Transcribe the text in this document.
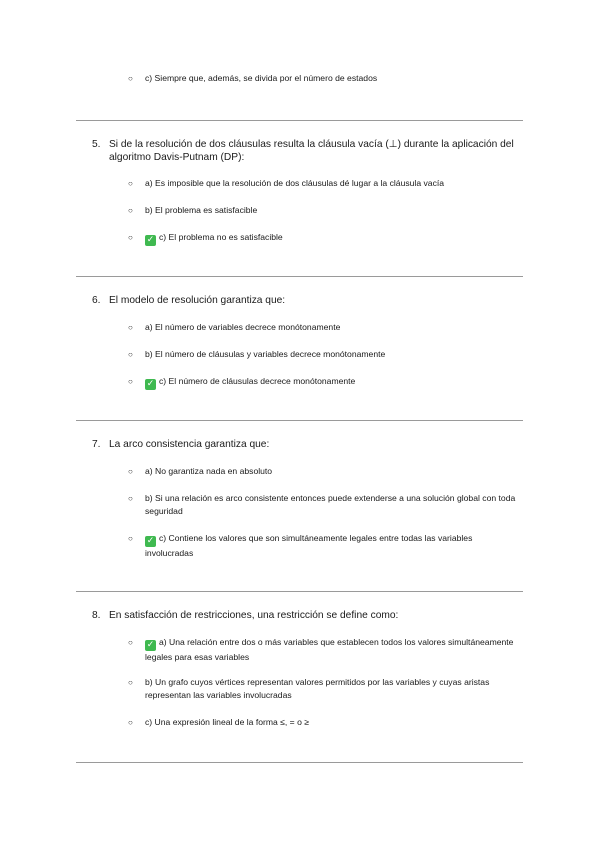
○ c) Siempre que, además, se divida por el número de estados
5. Si de la resolución de dos cláusulas resulta la cláusula vacía (⊥) durante la aplicación del algoritmo Davis-Putnam (DP):
○ a) Es imposible que la resolución de dos cláusulas dé lugar a la cláusula vacía
○ b) El problema es satisfacible
○ ✓ c) El problema no es satisfacible
6. El modelo de resolución garantiza que:
○ a) El número de variables decrece monótonamente
○ b) El número de cláusulas y variables decrece monótonamente
○ ✓ c) El número de cláusulas decrece monótonamente
7. La arco consistencia garantiza que:
○ a) No garantiza nada en absoluto
○ b) Si una relación es arco consistente entonces puede extenderse a una solución global con toda seguridad
○ ✓ c) Contiene los valores que son simultáneamente legales entre todas las variables involucradas
8. En satisfacción de restricciones, una restricción se define como:
○ ✓ a) Una relación entre dos o más variables que establecen todos los valores simultáneamente legales para esas variables
○ b) Un grafo cuyos vértices representan valores permitidos por las variables y cuyas aristas representan las variables involucradas
○ c) Una expresión lineal de la forma ≤, = o ≥
